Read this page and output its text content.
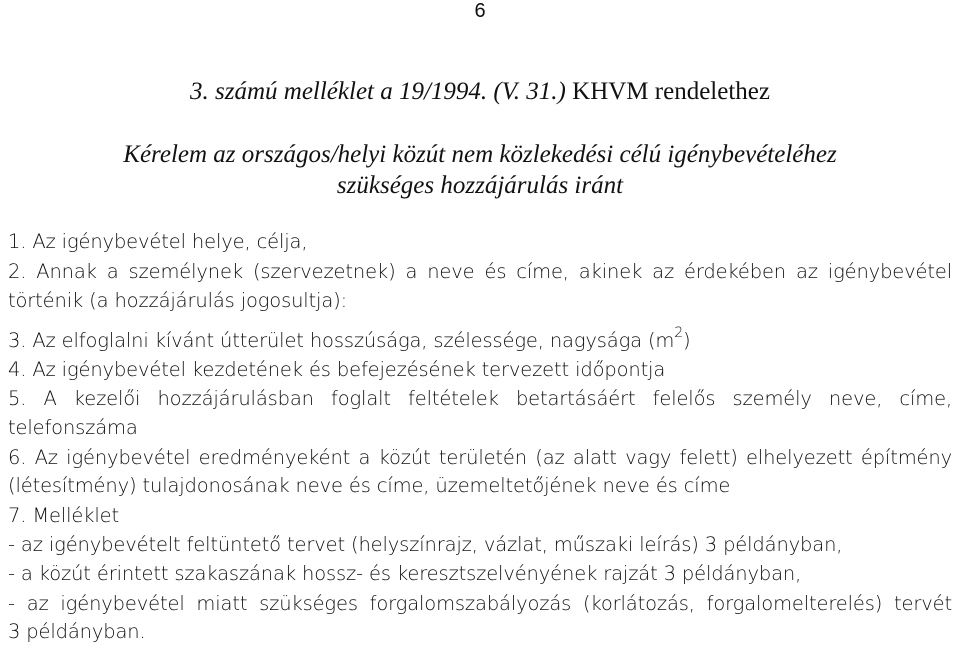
6
3. számú melléklet a 19/1994. (V. 31.) KHVM rendelethez
Kérelem az országos/helyi közút nem közlekedési célú igénybevételéhez
szükséges hozzájárulás iránt
1. Az igénybevétel helye, célja,
2. Annak a személynek (szervezetnek) a neve és címe, akinek az érdekében az igénybevétel
történik (a hozzájárulás jogosultja):
3. Az elfoglalni kívánt útterület hosszúsága, szélessége, nagysága $(m^2)$
4. Az igénybevétel kezdetének és befejezésének tervezett időpontja
5. A kezelői hozzájárulásban foglalt feltételek betartásáért felelős személy neve, címe,
telefonszáma
6. Az igénybevétel eredményeként a közút területén (az alatt vagy felett) elhelyezett építmény
(létesítmény) tulajdonosának neve és címe, üzemeltetőjének neve és címe
7. Melléklet
- az igénybevételt feltüntető tervet (helyszínrajz, vázlat, műszaki leírás) 3 példányban,
- a közút érintett szakaszának hossz- és keresztszelvényének rajzát 3 példányban,
- az igénybevétel miatt szükséges forgalomszabályozás (korlátozás, forgalomelterelés) tervét
3 példányban.
